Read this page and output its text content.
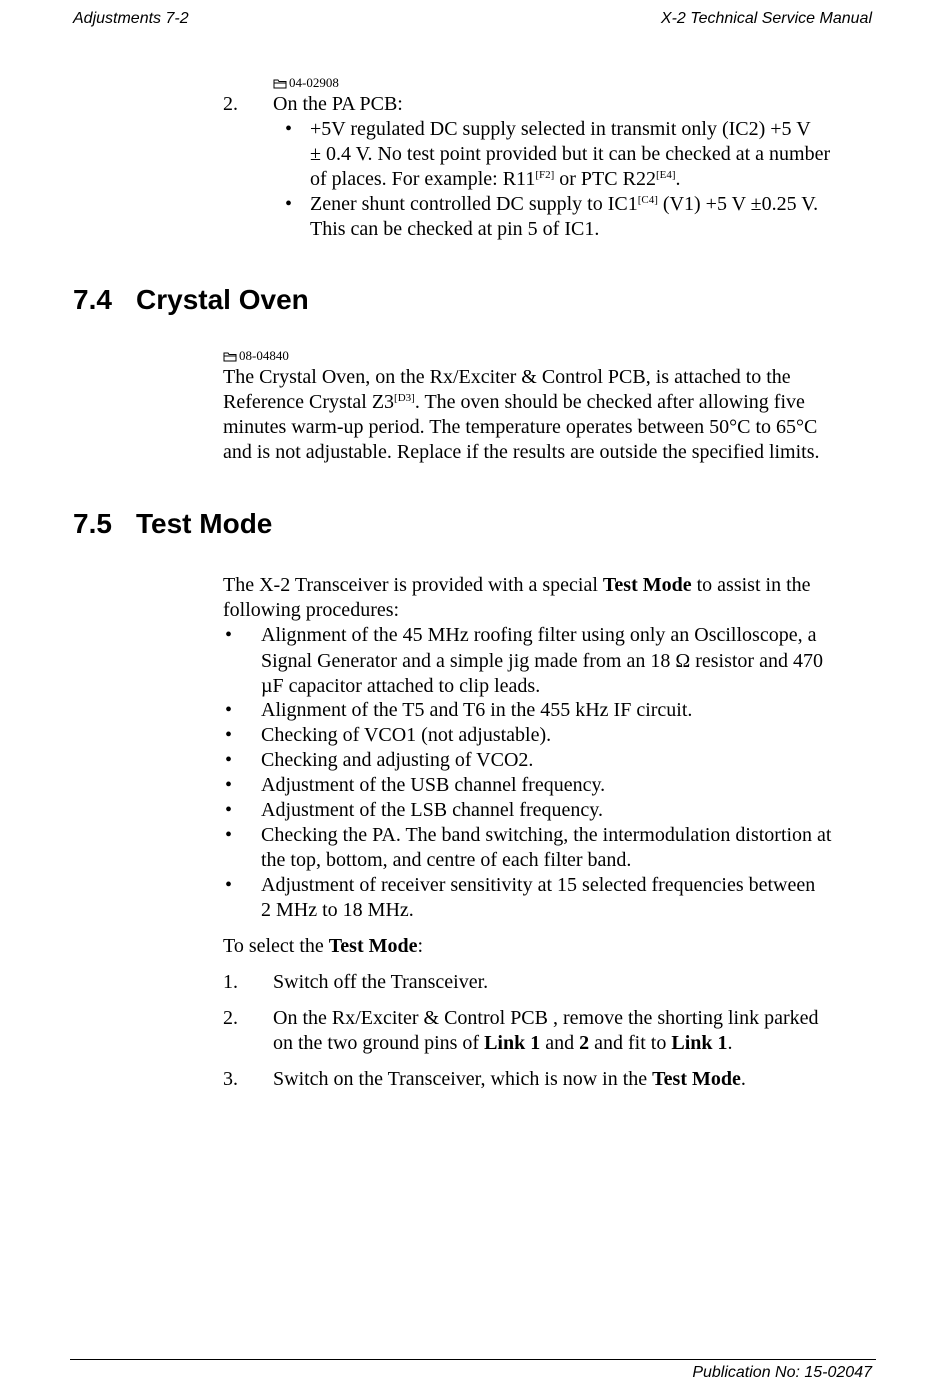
Adjustments 7-2	X-2 Technical Service Manual
04-02908
2. On the PA PCB:
• +5V regulated DC supply selected in transmit only (IC2) +5 V
± 0.4 V. No test point provided but it can be checked at a number
of places. For example: R11[F2] or PTC R22[E4].
• Zener shunt controlled DC supply to IC1[C4] (V1) +5 V ±0.25 V.
This can be checked at pin 5 of IC1.
7.4 Crystal Oven
08-04840
The Crystal Oven, on the Rx/Exciter & Control PCB, is attached to the
Reference Crystal Z3[D3]. The oven should be checked after allowing five
minutes warm-up period. The temperature operates between 50°C to 65°C
and is not adjustable. Replace if the results are outside the specified limits.
7.5 Test Mode
The X-2 Transceiver is provided with a special Test Mode to assist in the
following procedures:
• Alignment of the 45 MHz roofing filter using only an Oscilloscope, a
Signal Generator and a simple jig made from an 18 Ω resistor and 470
µF capacitor attached to clip leads.
• Alignment of the T5 and T6 in the 455 kHz IF circuit.
• Checking of VCO1 (not adjustable).
• Checking and adjusting of VCO2.
• Adjustment of the USB channel frequency.
• Adjustment of the LSB channel frequency.
• Checking the PA. The band switching, the intermodulation distortion at
the top, bottom, and centre of each filter band.
• Adjustment of receiver sensitivity at 15 selected frequencies between
2 MHz to 18 MHz.
To select the Test Mode:
1. Switch off the Transceiver.
2. On the Rx/Exciter & Control PCB , remove the shorting link parked
on the two ground pins of Link 1 and 2 and fit to Link 1.
3. Switch on the Transceiver, which is now in the Test Mode.
Publication No: 15-02047
